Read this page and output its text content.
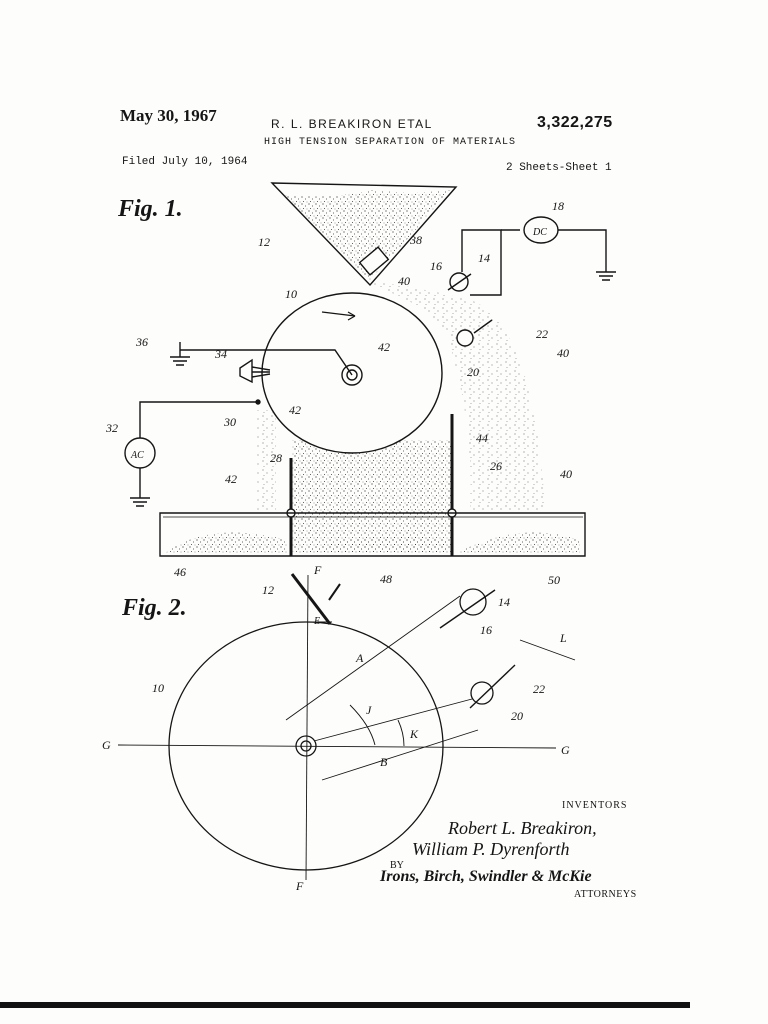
May 30, 1967	R. L. BREAKIRON ETAL	3,322,275
HIGH TENSION SEPARATION OF MATERIALS
Filed July 10, 1964	2 Sheets-Sheet 1
Fig. 1.
Fig. 2.
12	38
18
DC
14
16
40
10
22
40
42
20
36
34
42
30
32
AC
44
28
26
42	40
46	48	50
F
12
14
16
E
L
A
10	22
20
J
K
G	G
B
F
INVENTORS
Robert L. Breakiron,
William P. Dyrenforth
BY
Irons, Birch, Swindler & McKie
ATTORNEYS
